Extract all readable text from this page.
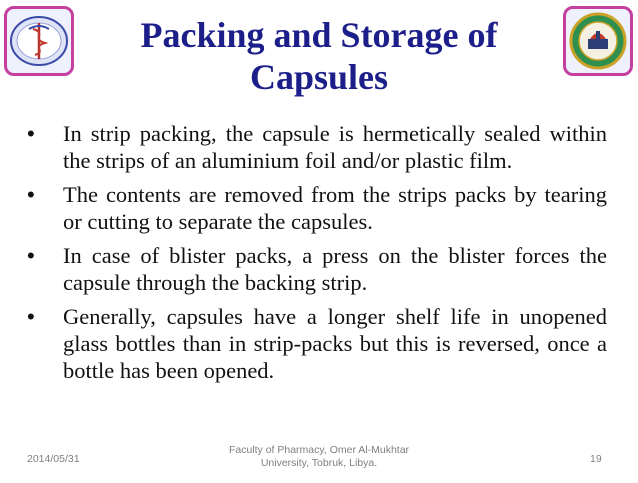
Packing and Storage of
Capsules
• In strip packing, the capsule is hermetically sealed within the strips of an aluminium foil and/or plastic film.
• The contents are removed from the strips packs by tearing or cutting to separate the capsules.
• In case of blister packs, a press on the blister forces the capsule through the backing strip.
• Generally, capsules have a longer shelf life in unopened glass bottles than in strip-packs but this is reversed, once a bottle has been opened.
2014/05/31
Faculty of Pharmacy, Omer Al-Mukhtar
University, Tobruk, Libya.	19
